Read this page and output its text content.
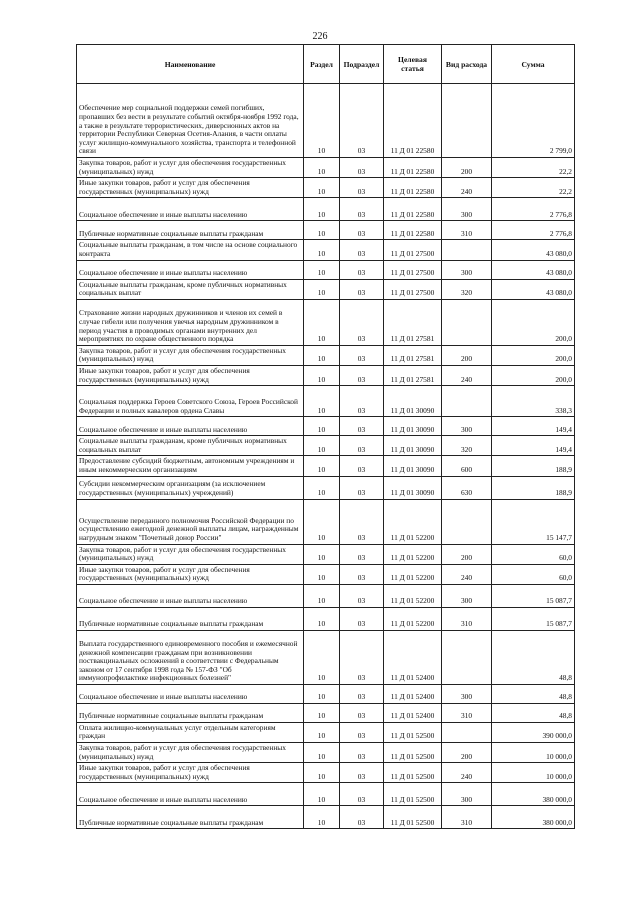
226
Наименование	Раздел	Подраздел	Целевая статья	Вид расхода	Сумма
Обеспечение мер социальной поддержки семей погибших, пропавших без вести в результате событий октября-ноября 1992 года, а также в результате террористических, диверсионных актов на территории Республики Северная Осетия-Алания, в части оплаты услуг жилищно-коммунального хозяйства, транспорта и телефонной связи	10	03	11 Д 01 22580		2 799,0
Закупка товаров, работ и услуг для обеспечения государственных (муниципальных) нужд	10	03	11 Д 01 22580	200	22,2
Иные закупки товаров, работ и услуг для обеспечения государственных (муниципальных) нужд	10	03	11 Д 01 22580	240	22,2
Социальное обеспечение и иные выплаты населению	10	03	11 Д 01 22580	300	2 776,8
Публичные нормативные социальные выплаты гражданам	10	03	11 Д 01 22580	310	2 776,8
Социальные выплаты гражданам, в том числе на основе социального контракта	10	03	11 Д 01 27500		43 080,0
Социальное обеспечение и иные выплаты населению	10	03	11 Д 01 27500	300	43 080,0
Социальные выплаты гражданам, кроме публичных нормативных социальных выплат	10	03	11 Д 01 27500	320	43 080,0
Страхование жизни народных дружинников и членов их семей в случае гибели или получения увечья народным дружинником в период участия в проводимых органами внутренних дел мероприятиях по охране общественного порядка	10	03	11 Д 01 27581		200,0
Закупка товаров, работ и услуг для обеспечения государственных (муниципальных) нужд	10	03	11 Д 01 27581	200	200,0
Иные закупки товаров, работ и услуг для обеспечения государственных (муниципальных) нужд	10	03	11 Д 01 27581	240	200,0
Социальная поддержка Героев Советского Союза, Героев Российской Федерации и полных кавалеров ордена Славы	10	03	11 Д 01 30090		338,3
Социальное обеспечение и иные выплаты населению	10	03	11 Д 01 30090	300	149,4
Социальные выплаты гражданам, кроме публичных нормативных социальных выплат	10	03	11 Д 01 30090	320	149,4
Предоставление субсидий бюджетным, автономным учреждениям и иным некоммерческим организациям	10	03	11 Д 01 30090	600	188,9
Субсидии некоммерческим организациям (за исключением государственных (муниципальных) учреждений)	10	03	11 Д 01 30090	630	188,9
Осуществление переданного полномочия Российской Федерации по осуществлению ежегодной денежной выплаты лицам, награжденным нагрудным знаком "Почетный донор России"	10	03	11 Д 01 52200		15 147,7
Закупка товаров, работ и услуг для обеспечения государственных (муниципальных) нужд	10	03	11 Д 01 52200	200	60,0
Иные закупки товаров, работ и услуг для обеспечения государственных (муниципальных) нужд	10	03	11 Д 01 52200	240	60,0
Социальное обеспечение и иные выплаты населению	10	03	11 Д 01 52200	300	15 087,7
Публичные нормативные социальные выплаты гражданам	10	03	11 Д 01 52200	310	15 087,7
Выплата государственного единовременного пособия и ежемесячной денежной компенсации гражданам при возникновении поствакцинальных осложнений в соответствии с Федеральным законом от 17 сентября 1998 года № 157-ФЗ "Об иммунопрофилактике инфекционных болезней"	10	03	11 Д 01 52400		48,8
Социальное обеспечение и иные выплаты населению	10	03	11 Д 01 52400	300	48,8
Публичные нормативные социальные выплаты гражданам	10	03	11 Д 01 52400	310	48,8
Оплата жилищно-коммунальных услуг отдельным категориям граждан	10	03	11 Д 01 52500		390 000,0
Закупка товаров, работ и услуг для обеспечения государственных (муниципальных) нужд	10	03	11 Д 01 52500	200	10 000,0
Иные закупки товаров, работ и услуг для обеспечения государственных (муниципальных) нужд	10	03	11 Д 01 52500	240	10 000,0
Социальное обеспечение и иные выплаты населению	10	03	11 Д 01 52500	300	380 000,0
Публичные нормативные социальные выплаты гражданам	10	03	11 Д 01 52500	310	380 000,0
